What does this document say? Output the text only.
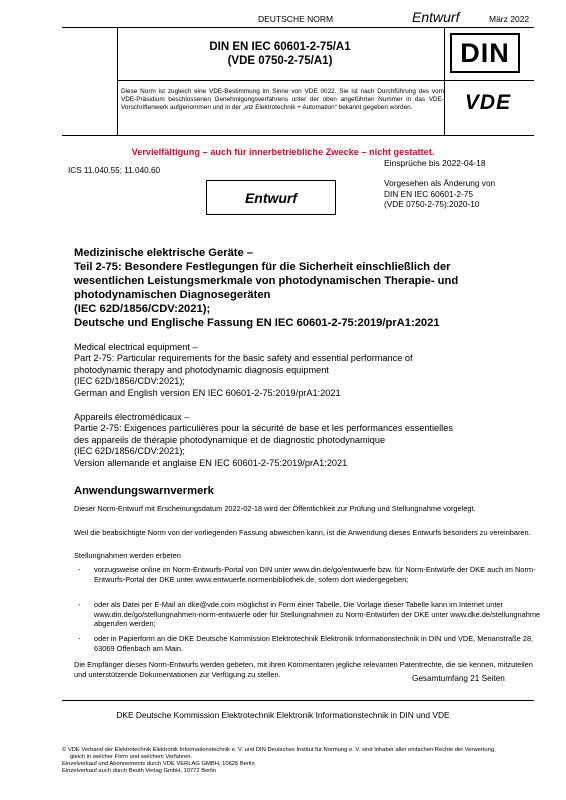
DEUTSCHE NORM	Entwurf	März 2022
DIN EN IEC 60601-2-75/A1
(VDE 0750-2-75/A1)	DIN
Diese Norm ist zugleich eine VDE-Bestimmung im Sinne von VDE 0022. Sie ist nach Durchführung des vom VDE-Präsidium beschlossenen Genehmigungsverfahrens unter der oben angeführten Nummer in das VDE-Vorschriftenwerk aufgenommen und in der „etz Elektrotechnik + Automation“ bekannt gegeben worden.	VDE
Vervielfältigung – auch für innerbetriebliche Zwecke – nicht gestattet.
Einsprüche bis 2022-04-18
ICS 11.040.55; 11.040.60
Entwurf
Vorgesehen als Änderung von
DIN EN IEC 60601-2-75
(VDE 0750-2-75):2020-10
Medizinische elektrische Geräte –
Teil 2-75: Besondere Festlegungen für die Sicherheit einschließlich der
wesentlichen Leistungsmerkmale von photodynamischen Therapie- und
photodynamischen Diagnosegeräten
(IEC 62D/1856/CDV:2021);
Deutsche und Englische Fassung EN IEC 60601-2-75:2019/prA1:2021
Medical electrical equipment –
Part 2-75: Particular requirements for the basic safety and essential performance of
photodynamic therapy and photodynamic diagnosis equipment
(IEC 62D/1856/CDV:2021);
German and English version EN IEC 60601-2-75:2019/prA1:2021
Appareils électromédicaux –
Partie 2-75: Exigences particulières pour la sécurité de base et les performances essentielles
des appareils de thérapie photodynamique et de diagnostic photodynamique
(IEC 62D/1856/CDV:2021);
Version allemande et anglaise EN IEC 60601-2-75:2019/prA1:2021
Anwendungswarnvermerk
Dieser Norm-Entwurf mit Erscheinungsdatum 2022-02-18 wird der Öffentlichkeit zur Prüfung und Stellungnahme vorgelegt.
Weil die beabsichtigte Norm von der vorliegenden Fassung abweichen kann, ist die Anwendung dieses Entwurfs besonders zu vereinbaren.
Stellungnahmen werden erbeten
- vorzugsweise online im Norm-Entwurfs-Portal von DIN unter www.din.de/go/entwuerfe bzw. für Norm-Entwürfe der DKE auch im Norm-Entwurfs-Portal der DKE unter www.entwuerfe.normenbibliothek.de, sofern dort wiedergegeben;
- oder als Datei per E-Mail an dke@vde.com möglichst in Form einer Tabelle. Die Vorlage dieser Tabelle kann im Internet unter www.din.de/go/stellungnahmen-norm-entwuerfe oder für Stellungnahmen zu Norm-Entwürfen der DKE unter www.dke.de/stellungnahme abgerufen werden;
- oder in Papierform an die DKE Deutsche Kommission Elektrotechnik Elektronik Informationstechnik in DIN und VDE, Merianstraße 28, 63069 Offenbach am Main.
Die Empfänger dieses Norm-Entwurfs werden gebeten, mit ihren Kommentaren jegliche relevanten Patentrechte, die sie kennen, mitzuteilen und unterstützende Dokumentationen zur Verfügung zu stellen.	Gesamtumfang 21 Seiten
DKE Deutsche Kommission Elektrotechnik Elektronik Informationstechnik in DIN und VDE
© VDE Verband der Elektrotechnik Elektronik Informationstechnik e. V. und DIN Deutsches Institut für Normung e. V. sind Inhaber aller einfachen Rechte der Verwertung,
gleich in welcher Form und welchem Verfahren.
Einzelverkauf und Abonnements durch VDE VERLAG GMBH, 10625 Berlin
Einzelverkauf auch durch Beuth Verlag GmbH, 10772 Berlin
